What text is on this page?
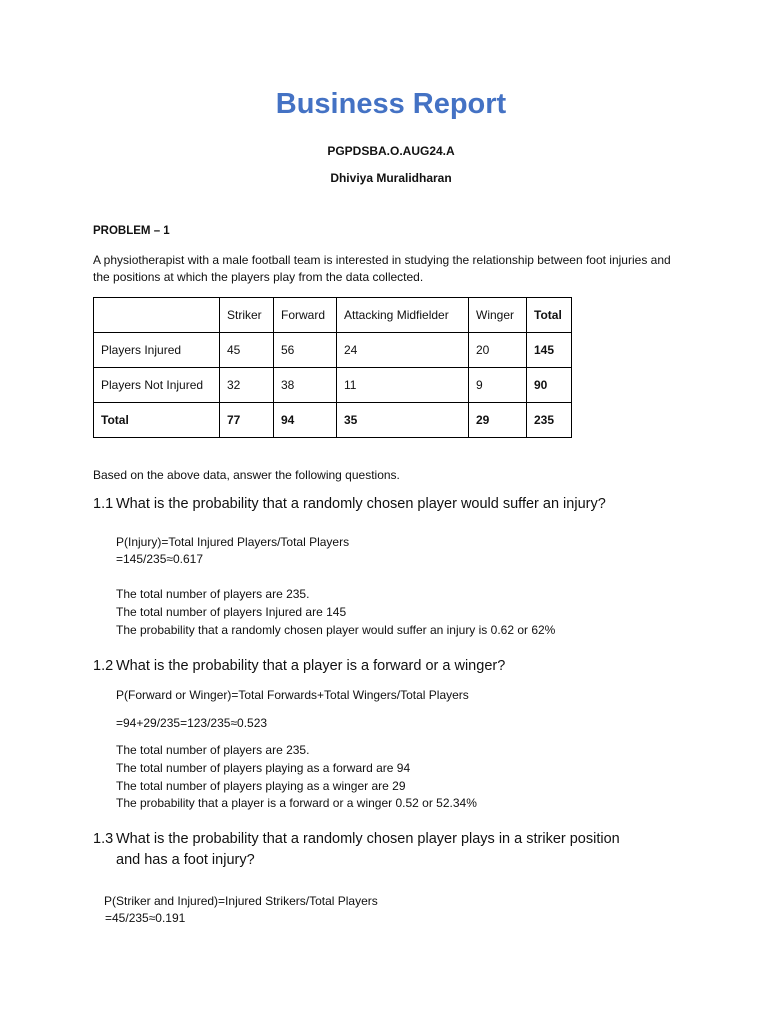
Business Report

PGPDSBA.O.AUG24.A

Dhiviya Muralidharan

PROBLEM – 1

A physiotherapist with a male football team is interested in studying the relationship between foot injuries and the positions at which the players play from the data collected.

	Striker	Forward	Attacking Midfielder	Winger	Total
Players Injured	45	56	24	20	145
Players Not Injured	32	38	11	9	90
Total	77	94	35	29	235

Based on the above data, answer the following questions.

1.1 What is the probability that a randomly chosen player would suffer an injury?

P(Injury)=Total Injured Players/Total Players

=145/235≈0.617

The total number of players are 235.

The total number of players Injured are 145

The probability that a randomly chosen player would suffer an injury is 0.62 or 62%

1.2 What is the probability that a player is a forward or a winger?

P(Forward or Winger)=Total Forwards+Total Wingers/Total Players

=94+29/235=123/235≈0.523

The total number of players are 235.

The total number of players playing as a forward are 94

The total number of players playing as a winger are 29

The probability that a player is a forward or a winger 0.52 or 52.34%

1.3 What is the probability that a randomly chosen player plays in a striker position
and has a foot injury?

P(Striker and Injured)=Injured Strikers/Total Players

=45/235≈0.191
